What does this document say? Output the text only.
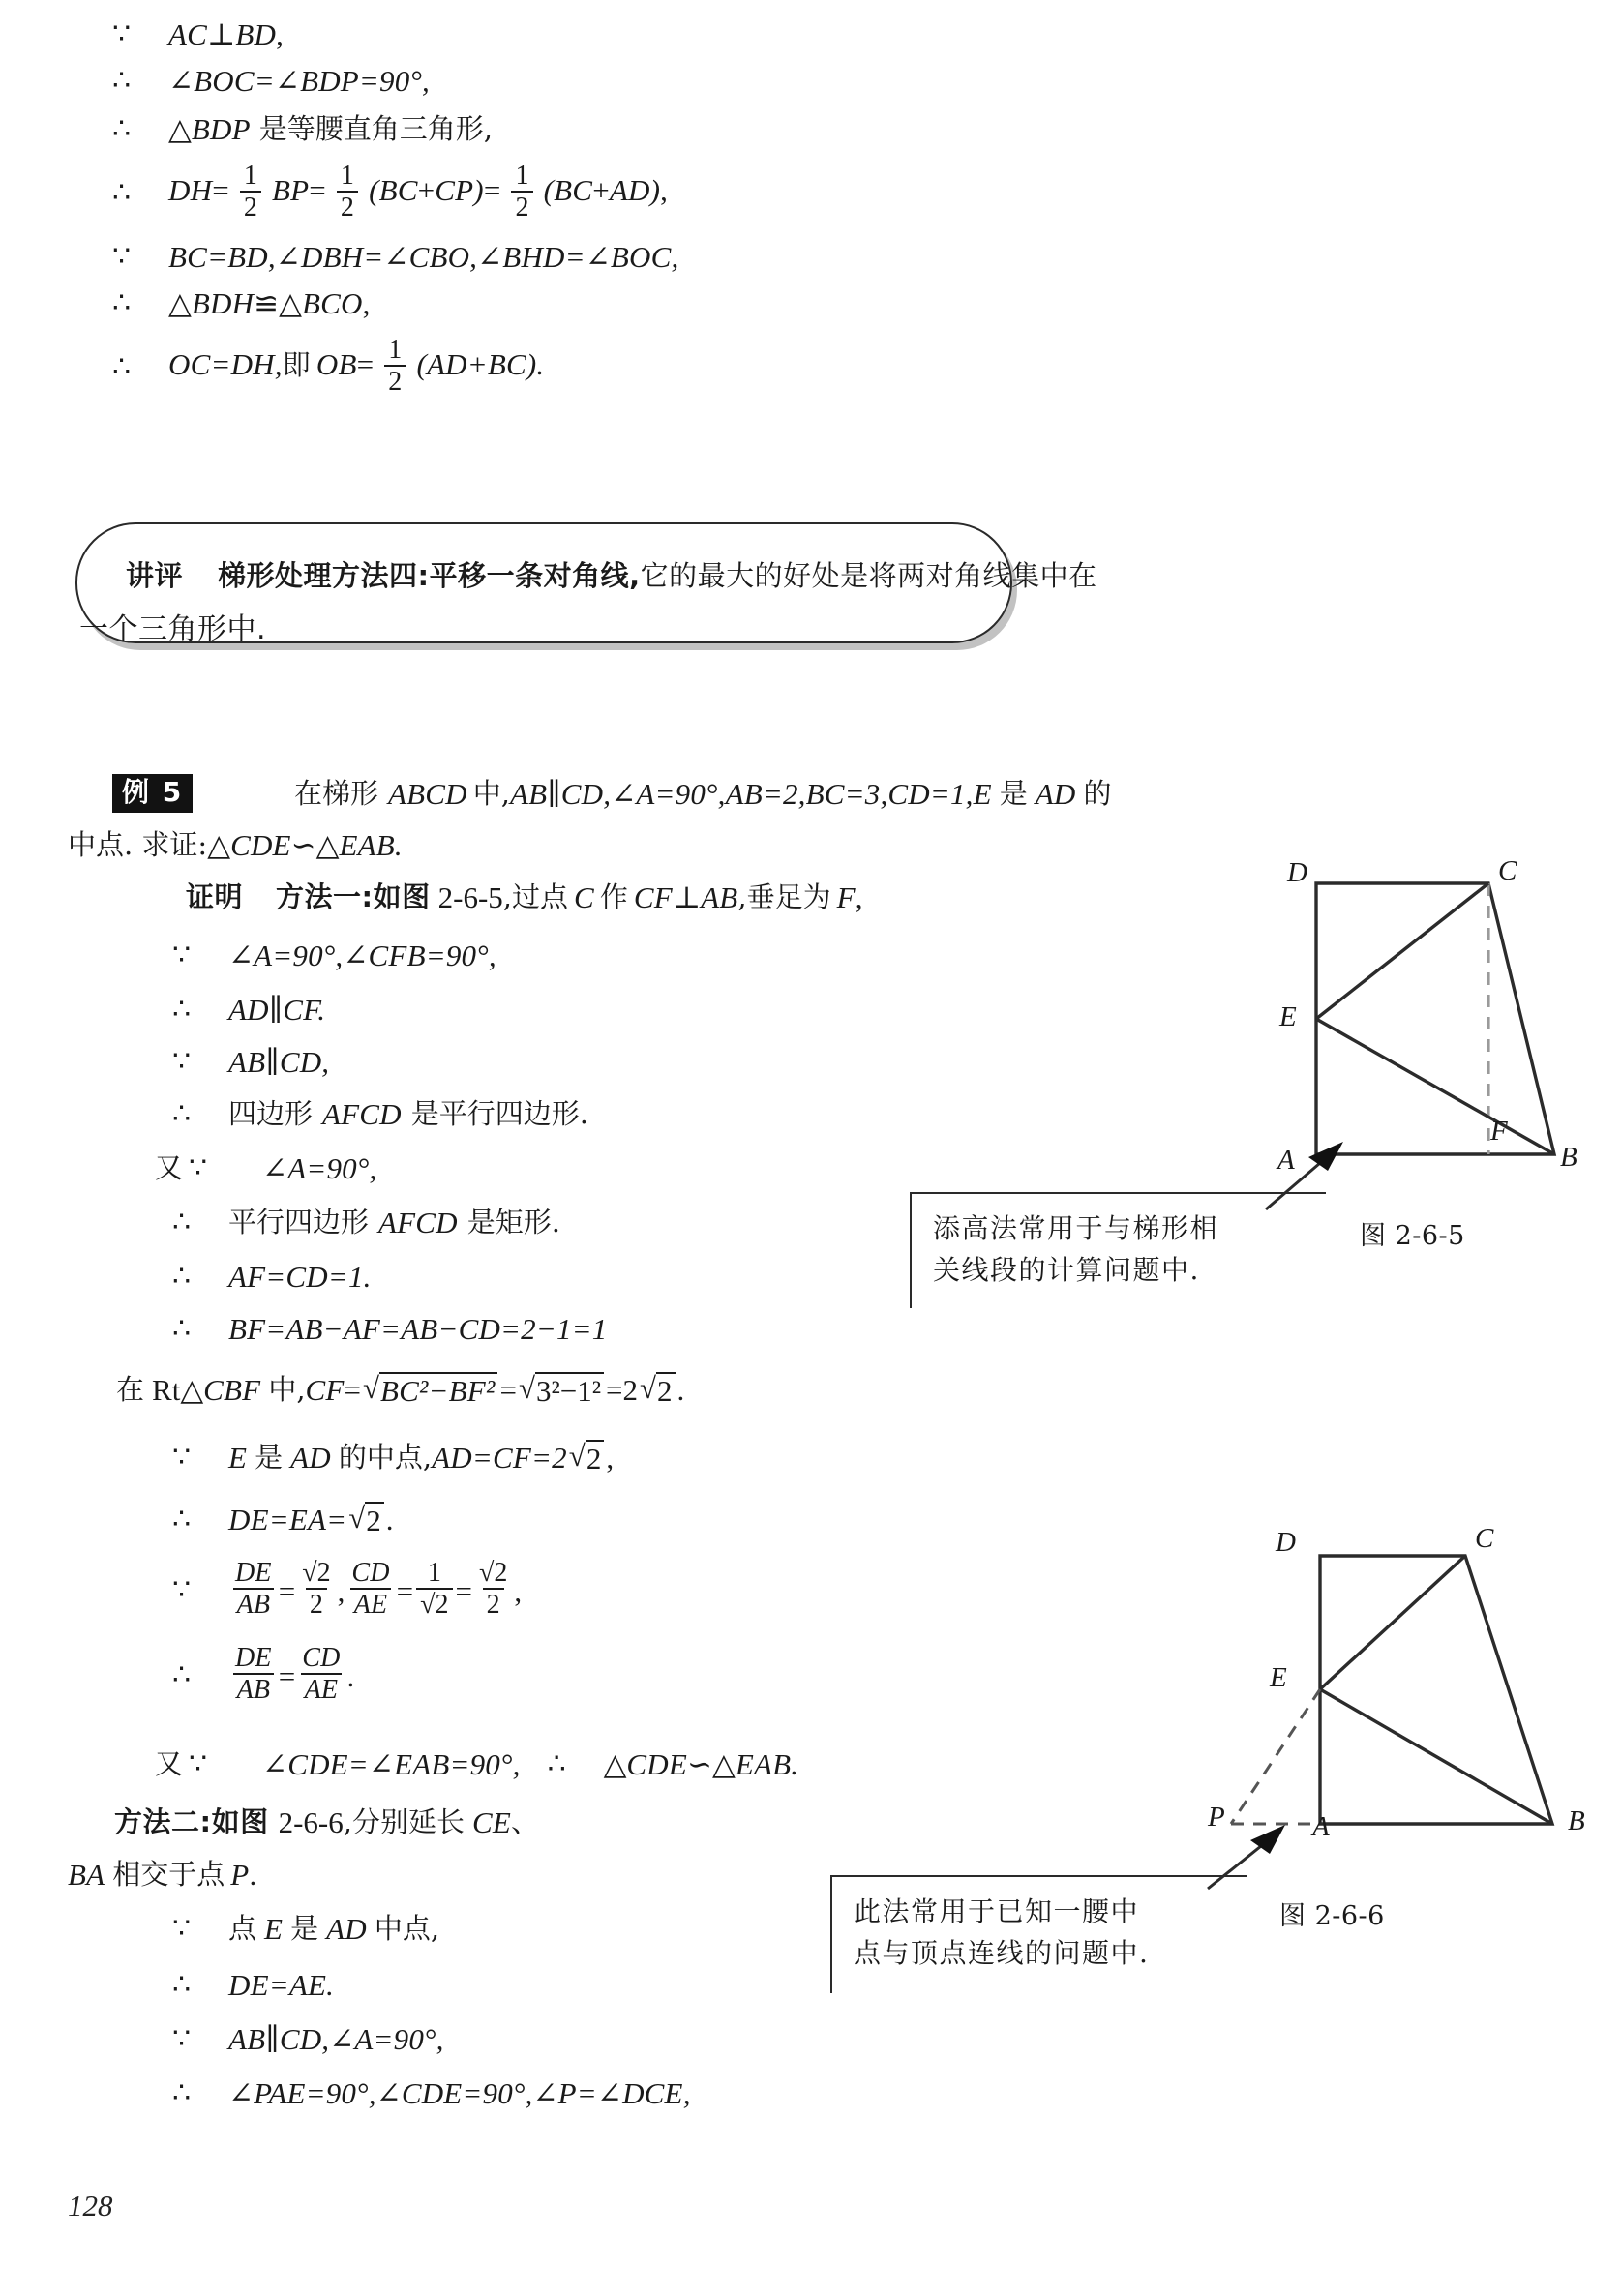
∵	AC⊥BD,
∴	∠BOC=∠BDP=90°,
∴	△ BDP 是等腰直角三角形,
∴	$DH= \frac{1}{2} BP= \frac{1}{2} (BC+CP)= \frac{1}{2} (BC+AD)$,
∵	BC=BD,∠DBH=∠CBO,∠BHD=∠BOC,
∴	△ BDH ≌ △ BCO ,
∴	OC=DH,即 $OB= \frac{1}{2} (AD+BC)$.
讲评 梯形处理方法四:平移一条对角线, 它的最大的好处是将两对角线集中在
一个三角形中.
例 5	在梯形 ABCD 中, AB∥CD,∠A=90°,AB=2,BC=3,CD=1, E 是 AD 的
中点. 求证: △ CDE ∽ △ EAB.
证明 方法一:如图 2-6-5 ,过点 C 作 CF ⊥ AB ,垂足为 F ,
∵	∠A=90°,∠CFB=90°,
∴	AD∥CF.
∵	AB∥CD,
∴	四边形 AFCD 是平行四边形.
又 ∵	∠A=90°,
∴	平行四边形 AFCD 是矩形.
∴	AF=CD=1.
∴	BF=AB−AF=AB−CD=2−1=1
在 Rt △ CBF 中, CF = √ BC²−BF² = √ 3²−1² = 2 √ 2 .
∵	E 是 AD 的中点, AD=CF=2 √ 2 ,
∴	DE=EA= √ 2 .
∵	$\frac{DE}{AB} = \frac{√2}{2}$ , $\frac{CD}{AE} = \frac{1}{√2} = \frac{√2}{2}$ ,
∴	$\frac{DE}{AB} = \frac{CD}{AE}$ .
又 ∵	∠CDE=∠EAB=90°, ∴	△ CDE ∽ △ EAB.
方法二:如图 2-6-6 ,分别延长 CE 、
BA 相交于点 P .
∵	点 E 是 AD 中点,
∴	DE=AE.
∵	AB∥CD,∠A=90°,
∴	∠PAE=90°,∠CDE=90°,∠P=∠DCE,
D	C
E
F
A	B
添高法常用于与梯形相
关线段的计算问题中.
图 2-6-5
D	C
E
P	A	B
此法常用于已知一腰中
点与顶点连线的问题中.
图 2-6-6
128
